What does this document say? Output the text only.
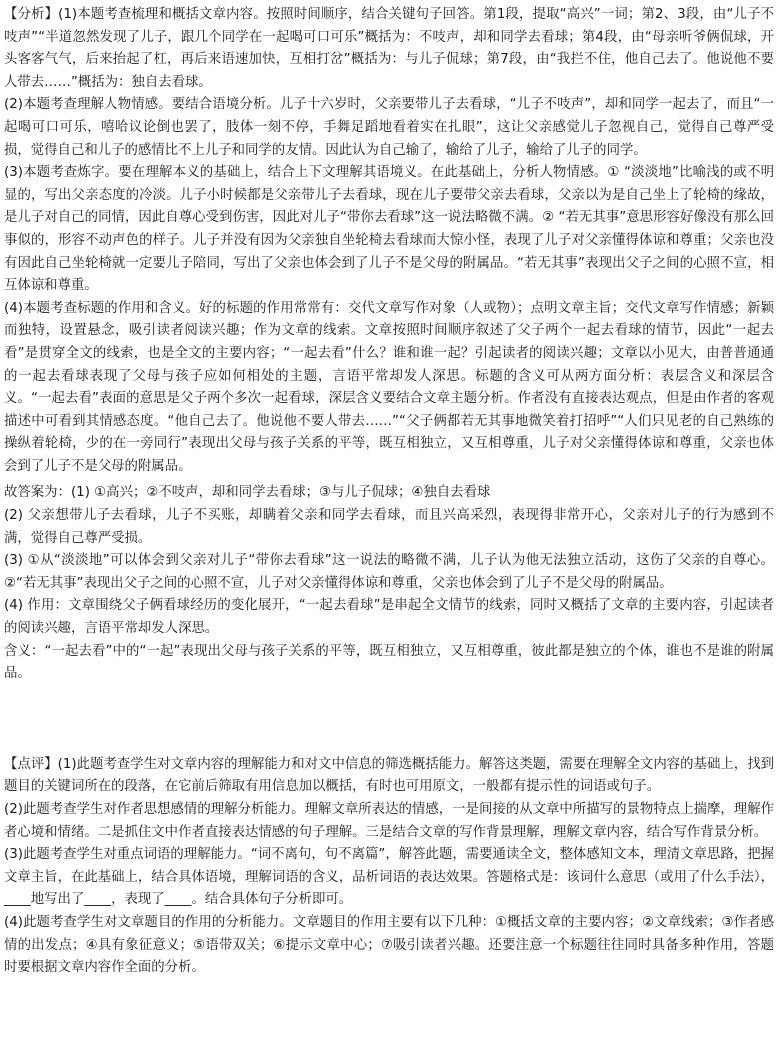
【分析】(1)本题考查梳理和概括文章内容。按照时间顺序，结合关键句子回答。第1段，提取“高兴”一词；第2、3段，由“儿子不吱声”“半道忽然发现了儿子，跟几个同学在一起喝可口可乐”概括为：不吱声，却和同学去看球；第4段，由“母亲听爷俩侃球，开头客客气气，后来抬起了杠，再后来语速加快，互相打岔”概括为：与儿子侃球；第7段，由“我拦不住，他自己去了。他说他不要人带去……”概括为：独自去看球。

(2)本题考查理解人物情感。要结合语境分析。儿子十六岁时，父亲要带儿子去看球，“儿子不吱声”，却和同学一起去了，而且“一起喝可口可乐，嘻哈议论倒也罢了，肢体一刻不停，手舞足蹈地看着实在扎眼”，这让父亲感觉儿子忽视自己，觉得自己尊严受损，觉得自己和儿子的感情比不上儿子和同学的友情。因此认为自己输了，输给了儿子，输给了儿子的同学。

(3)本题考查炼字。要在理解本义的基础上，结合上下文理解其语境义。在此基础上，分析人物情感。① “淡淡地”比喻浅的或不明显的，写出父亲态度的冷淡。儿子小时候都是父亲带儿子去看球，现在儿子要带父亲去看球，父亲以为是自己坐上了轮椅的缘故，是儿子对自己的同情，因此自尊心受到伤害，因此对儿子“带你去看球”这一说法略微不满。② “若无其事”意思形容好像没有那么回事似的，形容不动声色的样子。儿子并没有因为父亲独自坐轮椅去看球而大惊小怪，表现了儿子对父亲懂得体谅和尊重；父亲也没有因此自己坐轮椅就一定要儿子陪同，写出了父亲也体会到了儿子不是父母的附属品。“若无其事”表现出父子之间的心照不宣，相互体谅和尊重。

(4)本题考查标题的作用和含义。好的标题的作用常常有：交代文章写作对象（人或物）；点明文章主旨；交代文章写作情感；新颖而独特，设置悬念，吸引读者阅读兴趣；作为文章的线索。文章按照时间顺序叙述了父子两个一起去看球的情节，因此“一起去看”是贯穿全文的线索，也是全文的主要内容；“一起去看”什么？谁和谁一起？引起读者的阅读兴趣；文章以小见大，由普普通通的一起去看球表现了父母与孩子应如何相处的主题，言语平常却发人深思。标题的含义可从两方面分析：表层含义和深层含义。“一起去看”表面的意思是父子两个多次一起看球，深层含义要结合文章主题分析。作者没有直接表达观点，但是由作者的客观描述中可看到其情感态度。“他自己去了。他说他不要人带去……”“父子俩都若无其事地微笑着打招呼”“人们只见老的自己熟练的操纵着轮椅，少的在一旁同行”表现出父母与孩子关系的平等，既互相独立，又互相尊重，儿子对父亲懂得体谅和尊重，父亲也体会到了儿子不是父母的附属品。

故答案为：(1) ①高兴；②不吱声，却和同学去看球；③与儿子侃球；④独自去看球

(2) 父亲想带儿子去看球，儿子不买账，却瞒着父亲和同学去看球，而且兴高采烈，表现得非常开心，父亲对儿子的行为感到不满，觉得自己尊严受损。

(3) ①从“淡淡地”可以体会到父亲对儿子“带你去看球”这一说法的略微不满，儿子认为他无法独立活动，这伤了父亲的自尊心。②“若无其事”表现出父子之间的心照不宣，儿子对父亲懂得体谅和尊重，父亲也体会到了儿子不是父母的附属品。

(4) 作用：文章围绕父子俩看球经历的变化展开，“一起去看球”是串起全文情节的线索，同时又概括了文章的主要内容，引起读者的阅读兴趣，言语平常却发人深思。

含义：“一起去看”中的“一起”表现出父母与孩子关系的平等，既互相独立，又互相尊重，彼此都是独立的个体，谁也不是谁的附属品。

【点评】(1)此题考查学生对文章内容的理解能力和对文中信息的筛选概括能力。解答这类题，需要在理解全文内容的基础上，找到题目的关键词所在的段落，在它前后筛取有用信息加以概括，有时也可用原文，一般都有提示性的词语或句子。

(2)此题考查学生对作者思想感情的理解分析能力。理解文章所表达的情感，一是间接的从文章中所描写的景物特点上揣摩，理解作者心境和情绪。二是抓住文中作者直接表达情感的句子理解。三是结合文章的写作背景理解，理解文章内容，结合写作背景分析。

(3)此题考查学生对重点词语的理解能力。“词不离句，句不离篇”，解答此题，需要通读全文，整体感知文本，理清文章思路，把握文章主旨，在此基础上，结合具体语境，理解词语的含义，品析词语的表达效果。答题格式是：该词什么意思（或用了什么手法），____地写出了____，表现了____。结合具体句子分析即可。

(4)此题考查学生对文章题目的作用的分析能力。文章题目的作用主要有以下几种：①概括文章的主要内容；②文章线索；③作者感情的出发点；④具有象征意义；⑤语带双关；⑥提示文章中心；⑦吸引读者兴趣。还要注意一个标题往往同时具备多种作用，答题时要根据文章内容作全面的分析。
